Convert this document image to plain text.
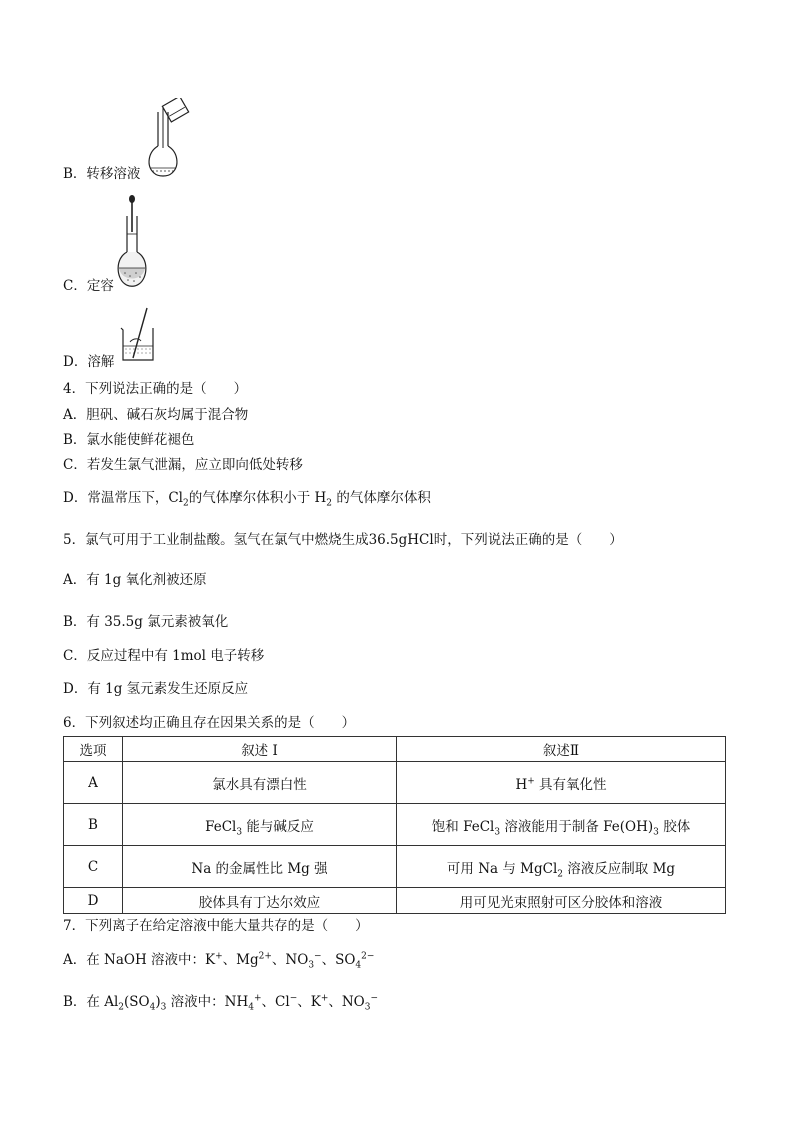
B．转移溶液
C．定容
D．溶解
4．下列说法正确的是（　　）
A．胆矾、碱石灰均属于混合物
B．氯水能使鲜花褪色
C．若发生氯气泄漏，应立即向低处转移
D．常温常压下，$Cl_2$的气体摩尔体积小于 $H_2$ 的气体摩尔体积
5．氯气可用于工业制盐酸。氢气在氯气中燃烧生成36.5gHCl时，下列说法正确的是（　　）
A．有 1g 氧化剂被还原
B．有 35.5g 氯元素被氧化
C．反应过程中有 1mol 电子转移
D．有 1g 氢元素发生还原反应
6．下列叙述均正确且存在因果关系的是（　　）
选项	叙述 I	叙述Ⅱ
A	氯水具有漂白性	H+ 具有氧化性
B	FeCl$_3$ 能与碱反应	饱和 FeCl$_3$ 溶液能用于制备 $Fe(OH)_3$ 胶体
C	Na 的金属性比 Mg 强	可用 Na 与 MgCl$_2$ 溶液反应制取 Mg
D	胶体具有丁达尔效应	用可见光束照射可区分胶体和溶液
7．下列离子在给定溶液中能大量共存的是（　　）
A．在 NaOH 溶液中：K+、$Mg^{2+}$、$NO_3^-$、$SO_4^{2-}$
B．在 $Al_2(SO_4)_3$ 溶液中：$NH_4^+$、Cl−、K+、$NO_3^-$
